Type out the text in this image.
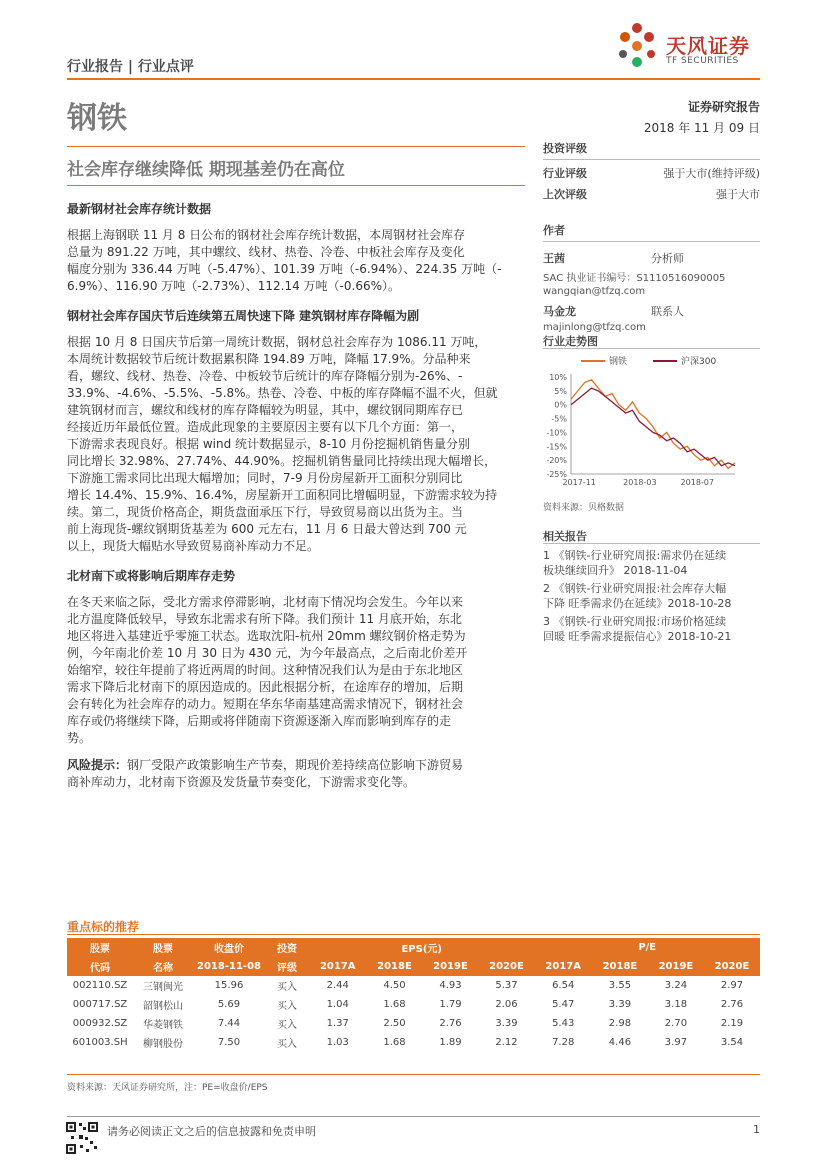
行业报告 | 行业点评
天风证券
TF SECURITIES
钢铁	证券研究报告
2018 年 11 月 09 日
社会库存继续降低 期现基差仍在高位
最新钢材社会库存统计数据
根据上海钢联 11 月 8 日公布的钢材社会库存统计数据，本周钢材社会库存
总量为 891.22 万吨，其中螺纹、线材、热卷、冷卷、中板社会库存及变化
幅度分别为 336.44 万吨（-5.47%）、101.39 万吨（-6.94%）、224.35 万吨（-
6.9%）、116.90 万吨（-2.73%）、112.14 万吨（-0.66%）。
钢材社会库存国庆节后连续第五周快速下降 建筑钢材库存降幅为剧
根据 10 月 8 日国庆节后第一周统计数据，钢材总社会库存为 1086.11 万吨，
本周统计数据较节后统计数据累积降 194.89 万吨，降幅 17.9%。分品种来
看，螺纹、线材、热卷、冷卷、中板较节后统计的库存降幅分别为-26%、-
33.9%、-4.6%、-5.5%、-5.8%。热卷、冷卷、中板的库存降幅不温不火，但就
建筑钢材而言，螺纹和线材的库存降幅较为明显，其中，螺纹钢同期库存已
经接近历年最低位置。造成此现象的主要原因主要有以下几个方面：第一，
下游需求表现良好。根据 wind 统计数据显示，8-10 月份挖掘机销售量分别
同比增长 32.98%、27.74%、44.90%。挖掘机销售量同比持续出现大幅增长，
下游施工需求同比出现大幅增加；同时，7-9 月份房屋新开工面积分别同比
增长 14.4%、15.9%、16.4%，房屋新开工面积同比增幅明显，下游需求较为持
续。第二，现货价格高企，期货盘面承压下行，导致贸易商以出货为主。当
前上海现货-螺纹钢期货基差为 600 元左右，11 月 6 日最大曾达到 700 元
以上，现货大幅贴水导致贸易商补库动力不足。
北材南下或将影响后期库存走势
在冬天来临之际，受北方需求停滞影响，北材南下情况均会发生。今年以来
北方温度降低较早，导致东北需求有所下降。我们预计 11 月底开始，东北
地区将进入基建近乎零施工状态。选取沈阳-杭州 20mm 螺纹钢价格走势为
例，今年南北价差 10 月 30 日为 430 元，为今年最高点，之后南北价差开
始缩窄，较往年提前了将近两周的时间。这种情况我们认为是由于东北地区
需求下降后北材南下的原因造成的。因此根据分析，在途库存的增加，后期
会有转化为社会库存的动力。短期在华东华南基建高需求情况下，钢材社会
库存或仍将继续下降，后期或将伴随南下资源逐渐入库而影响到库存的走
势。
风险提示：钢厂受限产政策影响生产节奏，期现价差持续高位影响下游贸易
商补库动力，北材南下资源及发货量节奏变化，下游需求变化等。
投资评级
行业评级	强于大市(维持评级)
上次评级	强于大市
作者
王茜	分析师
SAC 执业证书编号：S1110516090005
wangqian@tfzq.com
马金龙	联系人
majinlong@tfzq.com
行业走势图
钢铁	沪深300
10%
5%
0%
-5%
-10%
-15%
-20%
-25%
2017-11	2018-03	2018-07
资料来源：贝格数据
相关报告
1 《钢铁-行业研究周报:需求仍在延续
板块继续回升》 2018-11-04
2 《钢铁-行业研究周报:社会库存大幅
下降 旺季需求仍在延续》2018-10-28
3 《钢铁-行业研究周报:市场价格延续
回暖 旺季需求提振信心》2018-10-21
重点标的推荐
股票	股票	收盘价	投资	EPS(元)				P/E			
代码	名称	2018-11-08	评级	2017A	2018E	2019E	2020E	2017A	2018E	2019E	2020E
002110.SZ	三钢闽光	15.96	买入	2.44	4.50	4.93	5.37	6.54	3.55	3.24	2.97
000717.SZ	韶钢松山	5.69	买入	1.04	1.68	1.79	2.06	5.47	3.39	3.18	2.76
000932.SZ	华菱钢铁	7.44	买入	1.37	2.50	2.76	3.39	5.43	2.98	2.70	2.19
601003.SH	柳钢股份	7.50	买入	1.03	1.68	1.89	2.12	7.28	4.46	3.97	3.54
资料来源：天风证券研究所，注：PE=收盘价/EPS
请务必阅读正文之后的信息披露和免责申明	1
